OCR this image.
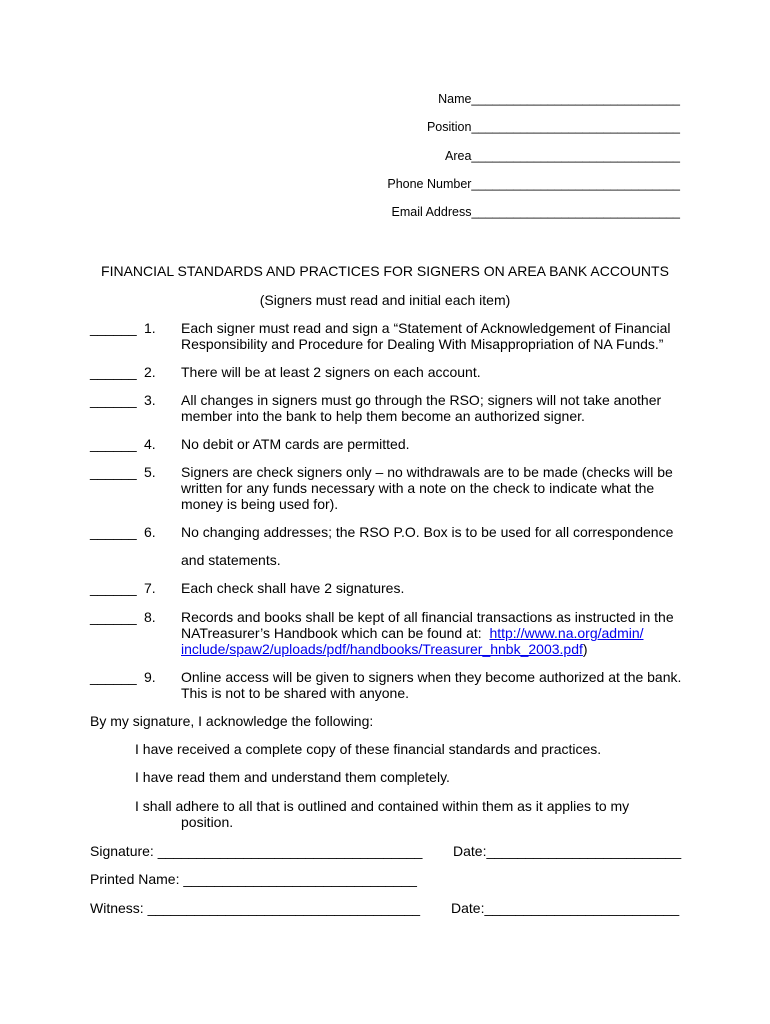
Name______________________________
Position______________________________
Area______________________________
Phone Number______________________________
Email Address______________________________
FINANCIAL STANDARDS AND PRACTICES FOR SIGNERS ON AREA BANK ACCOUNTS
(Signers must read and initial each item)
______ 1. Each signer must read and sign a “Statement of Acknowledgement of Financial
Responsibility and Procedure for Dealing With Misappropriation of NA Funds.”
______ 2. There will be at least 2 signers on each account.
______ 3. All changes in signers must go through the RSO; signers will not take another
member into the bank to help them become an authorized signer.
______ 4. No debit or ATM cards are permitted.
______ 5. Signers are check signers only – no withdrawals are to be made (checks will be
written for any funds necessary with a note on the check to indicate what the
money is being used for).
______ 6. No changing addresses; the RSO P.O. Box is to be used for all correspondence
and statements.
______ 7. Each check shall have 2 signatures.
______ 8. Records and books shall be kept of all financial transactions as instructed in the
NATreasurer’s Handbook which can be found at:  http://www.na.org/admin/
include/spaw2/uploads/pdf/handbooks/Treasurer_hnbk_2003.pdf)
______ 9. Online access will be given to signers when they become authorized at the bank.
This is not to be shared with anyone.
By my signature, I acknowledge the following:
I have received a complete copy of these financial standards and practices.
I have read them and understand them completely.
I shall adhere to all that is outlined and contained within them as it applies to my
position.
Signature: __________________________________ Date:_________________________
Printed Name: ______________________________
Witness: ___________________________________ Date:_________________________
